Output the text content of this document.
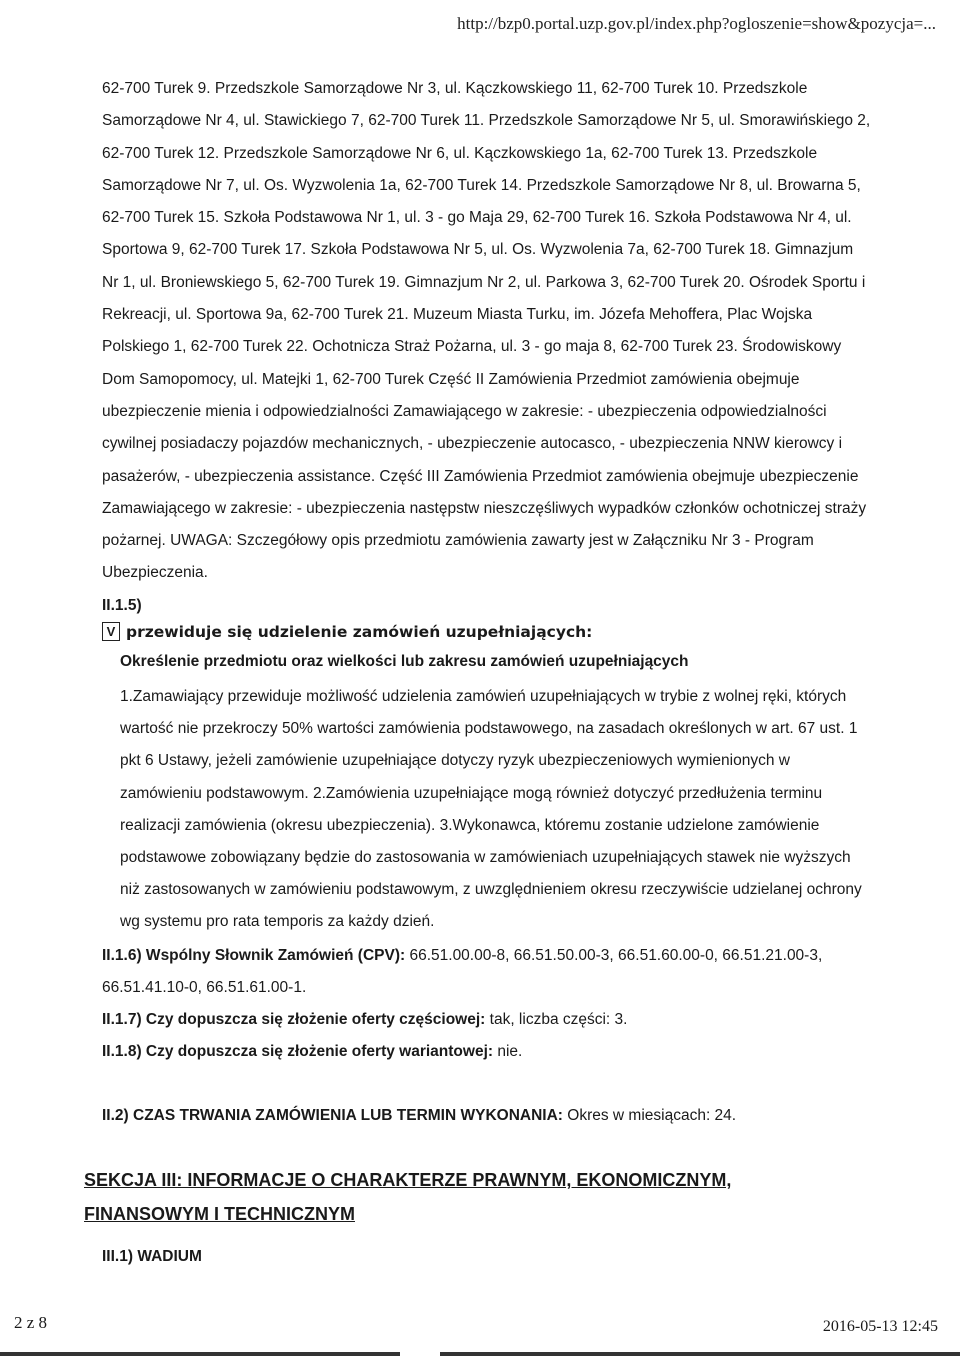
http://bzp0.portal.uzp.gov.pl/index.php?ogloszenie=show&pozycja=...

62-700 Turek 9. Przedszkole Samorządowe Nr 3, ul. Kączkowskiego 11, 62-700 Turek 10. Przedszkole Samorządowe Nr 4, ul. Stawickiego 7, 62-700 Turek 11. Przedszkole Samorządowe Nr 5, ul. Smorawińskiego 2, 62-700 Turek 12. Przedszkole Samorządowe Nr 6, ul. Kączkowskiego 1a, 62-700 Turek 13. Przedszkole Samorządowe Nr 7, ul. Os. Wyzwolenia 1a, 62-700 Turek 14. Przedszkole Samorządowe Nr 8, ul. Browarna 5, 62-700 Turek 15. Szkoła Podstawowa Nr 1, ul. 3 - go Maja 29, 62-700 Turek 16. Szkoła Podstawowa Nr 4, ul. Sportowa 9, 62-700 Turek 17. Szkoła Podstawowa Nr 5, ul. Os. Wyzwolenia 7a, 62-700 Turek 18. Gimnazjum Nr 1, ul. Broniewskiego 5, 62-700 Turek 19. Gimnazjum Nr 2, ul. Parkowa 3, 62-700 Turek 20. Ośrodek Sportu i Rekreacji, ul. Sportowa 9a, 62-700 Turek 21. Muzeum Miasta Turku, im. Józefa Mehoffera, Plac Wojska Polskiego 1, 62-700 Turek 22. Ochotnicza Straż Pożarna, ul. 3 - go maja 8, 62-700 Turek 23. Środowiskowy Dom Samopomocy, ul. Matejki 1, 62-700 Turek Część II Zamówienia Przedmiot zamówienia obejmuje ubezpieczenie mienia i odpowiedzialności Zamawiającego w zakresie: - ubezpieczenia odpowiedzialności cywilnej posiadaczy pojazdów mechanicznych, - ubezpieczenie autocasco, - ubezpieczenia NNW kierowcy i pasażerów, - ubezpieczenia assistance. Część III Zamówienia Przedmiot zamówienia obejmuje ubezpieczenie Zamawiającego w zakresie: - ubezpieczenia następstw nieszczęśliwych wypadków członków ochotniczej straży pożarnej. UWAGA: Szczegółowy opis przedmiotu zamówienia zawarty jest w Załączniku Nr 3 - Program Ubezpieczenia.

II.1.5)
V przewiduje się udzielenie zamówień uzupełniających:
Określenie przedmiotu oraz wielkości lub zakresu zamówień uzupełniających

1.Zamawiający przewiduje możliwość udzielenia zamówień uzupełniających w trybie z wolnej ręki, których wartość nie przekroczy 50% wartości zamówienia podstawowego, na zasadach określonych w art. 67 ust. 1 pkt 6 Ustawy, jeżeli zamówienie uzupełniające dotyczy ryzyk ubezpieczeniowych wymienionych w zamówieniu podstawowym. 2.Zamówienia uzupełniające mogą również dotyczyć przedłużenia terminu realizacji zamówienia (okresu ubezpieczenia). 3.Wykonawca, któremu zostanie udzielone zamówienie podstawowe zobowiązany będzie do zastosowania w zamówieniach uzupełniających stawek nie wyższych niż zastosowanych w zamówieniu podstawowym, z uwzględnieniem okresu rzeczywiście udzielanej ochrony wg systemu pro rata temporis za każdy dzień.

II.1.6) Wspólny Słownik Zamówień (CPV): 66.51.00.00-8, 66.51.50.00-3, 66.51.60.00-0, 66.51.21.00-3, 66.51.41.10-0, 66.51.61.00-1.

II.1.7) Czy dopuszcza się złożenie oferty częściowej: tak, liczba części: 3.

II.1.8) Czy dopuszcza się złożenie oferty wariantowej: nie.

II.2) CZAS TRWANIA ZAMÓWIENIA LUB TERMIN WYKONANIA: Okres w miesiącach: 24.

SEKCJA III: INFORMACJE O CHARAKTERZE PRAWNYM, EKONOMICZNYM, FINANSOWYM I TECHNICZNYM

III.1) WADIUM
2 z 8	2016-05-13 12:45
